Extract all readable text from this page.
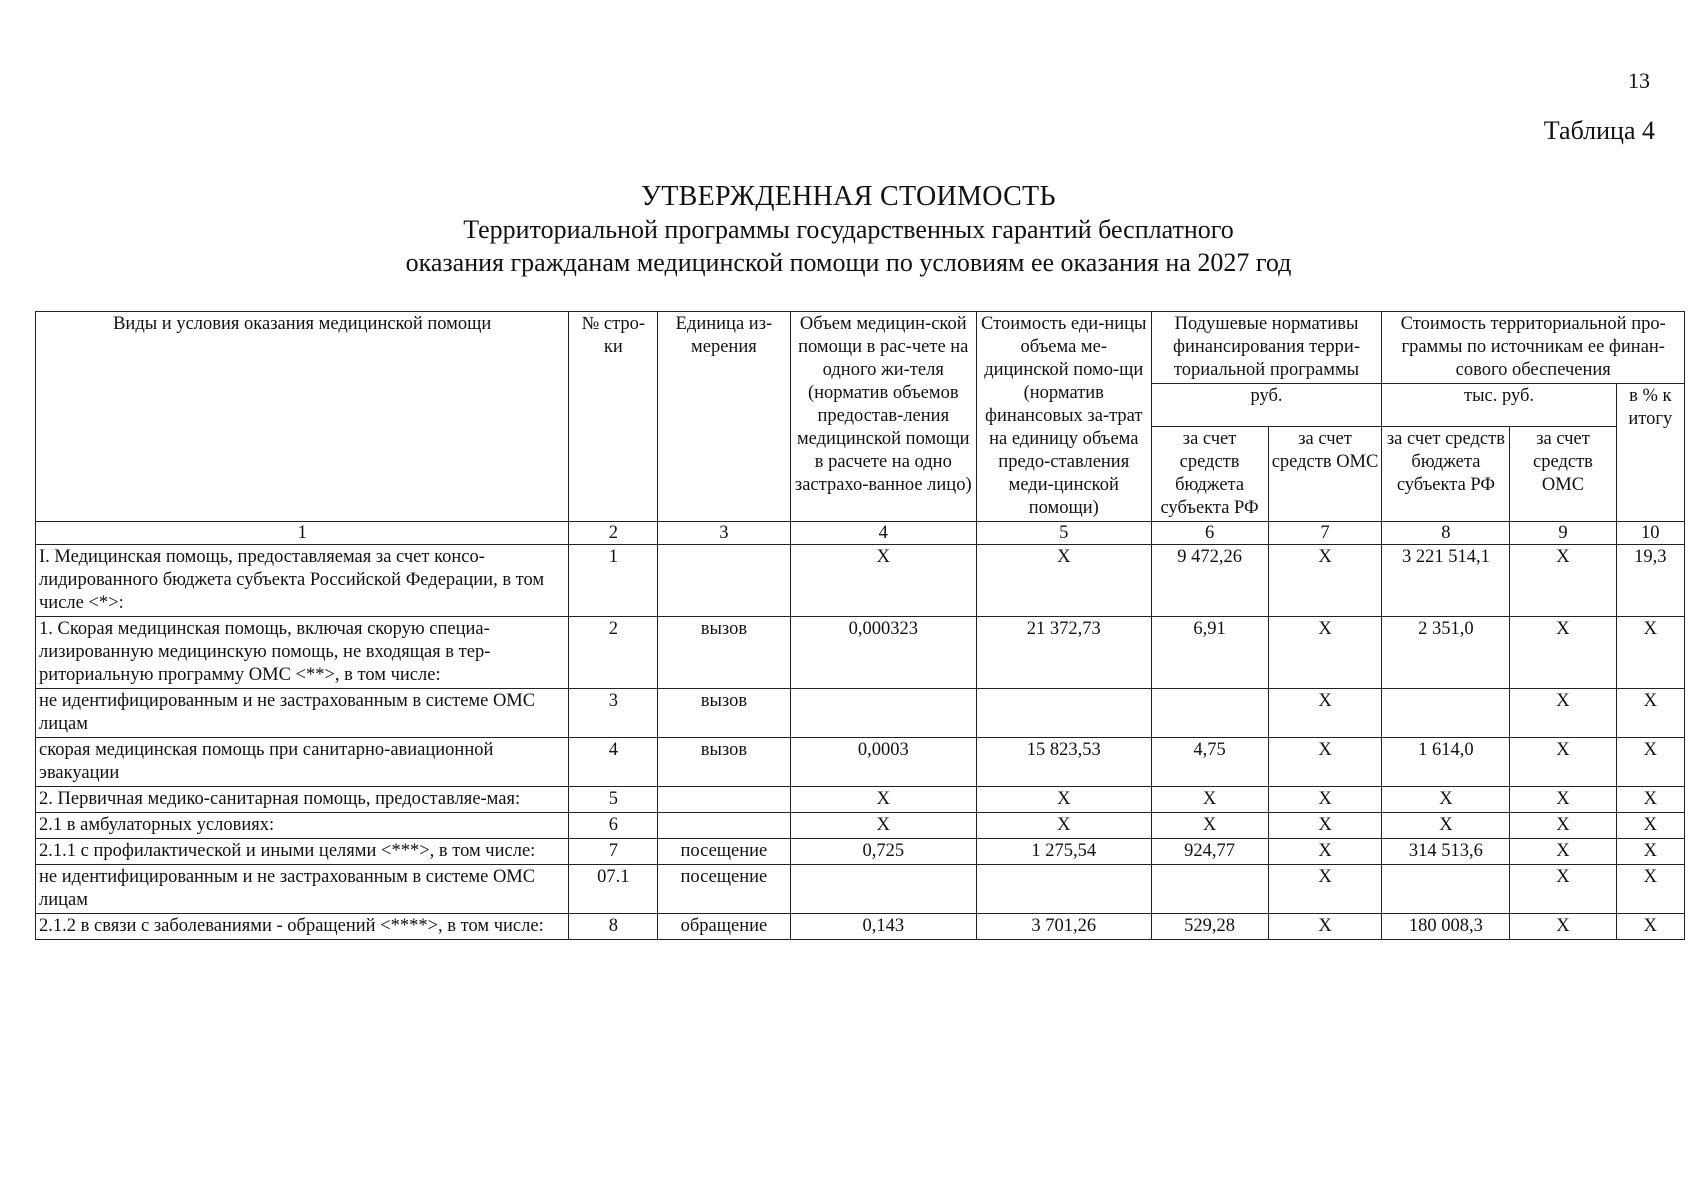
13
Таблица 4
УТВЕРЖДЕННАЯ СТОИМОСТЬ
Территориальной программы государственных гарантий бесплатного
оказания гражданам медицинской помощи по условиям ее оказания на 2027 год
Виды и условия оказания медицинской помощи	№ стро-ки	Единица из-мерения	Объем медицин-ской помощи в рас-чете на одного жи-теля (норматив объемов предостав-ления медицинской помощи в расчете на одно застрахо-ванное лицо)	Стоимость еди-ницы объема ме-дицинской помо-щи (норматив финансовых за-трат на единицу объема предо-ставления меди-цинской помощи)	Подушевые нормативы финансирования терри-ториальной программы		Стоимость территориальной про-граммы по источникам ее финан-сового обеспечения		
					руб.		тыс. руб.		в % к итогу
					за счет средств бюджета субъекта РФ	за счет средств ОМС	за счет средств бюджета субъекта РФ	за счет средств ОМС	

1	2	3	4	5	6	7	8	9	10
I. Медицинская помощь, предоставляемая за счет консо-лидированного бюджета субъекта Российской Федерации, в том числе <*>:	1		X	X	9 472,26	X	3 221 514,1	X	19,3
1. Скорая медицинская помощь, включая скорую специа-лизированную медицинскую помощь, не входящая в тер-риториальную программу ОМС <**>, в том числе:	2	вызов	0,000323	21 372,73	6,91	X	2 351,0	X	X
не идентифицированным и не застрахованным в системе ОМС лицам	3	вызов				X		X	X
скорая медицинская помощь при санитарно-авиационной эвакуации	4	вызов	0,0003	15 823,53	4,75	X	1 614,0	X	X
2. Первичная медико-санитарная помощь, предоставляе-мая:	5		X	X	X	X	X	X	X
2.1 в амбулаторных условиях:	6		X	X	X	X	X	X	X
2.1.1 с профилактической и иными целями <***>, в том числе:	7	посещение	0,725	1 275,54	924,77	X	314 513,6	X	X
не идентифицированным и не застрахованным в системе ОМС лицам	07.1	посещение				X		X	X
2.1.2 в связи с заболеваниями - обращений <****>, в том числе:	8	обращение	0,143	3 701,26	529,28	X	180 008,3	X	X
